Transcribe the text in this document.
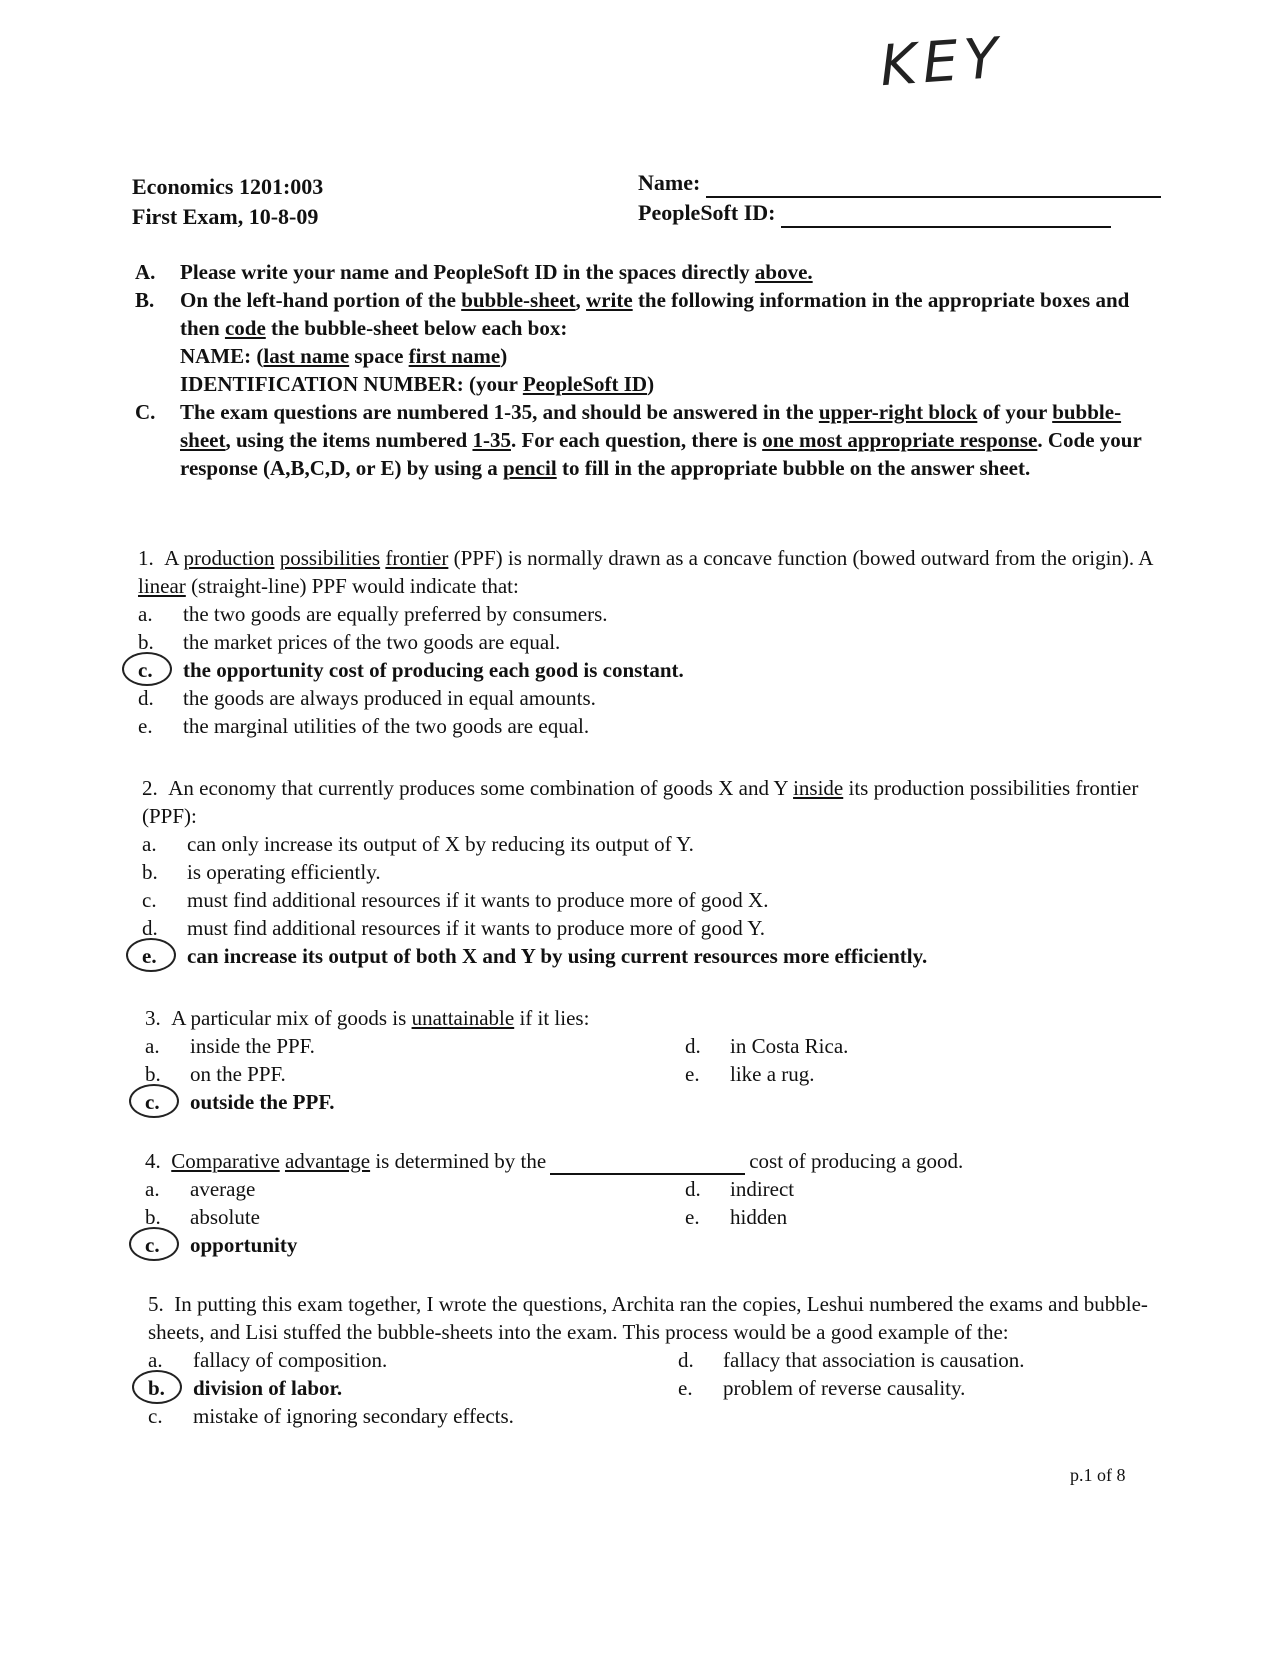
KEY
Economics 1201:003
First Exam, 10-8-09
Name:
PeopleSoft ID:
A.	Please write your name and PeopleSoft ID in the spaces directly above.
B.	On the left-hand portion of the bubble-sheet, write the following information in the appropriate boxes and then code the bubble-sheet below each box:
NAME: (last name space first name)
IDENTIFICATION NUMBER: (your PeopleSoft ID)
C.	The exam questions are numbered 1-35, and should be answered in the upper-right block of your bubble-sheet, using the items numbered 1-35. For each question, there is one most appropriate response. Code your response (A,B,C,D, or E) by using a pencil to fill in the appropriate bubble on the answer sheet.
1. A production possibilities frontier (PPF) is normally drawn as a concave function (bowed outward from the origin). A linear (straight-line) PPF would indicate that:
a.	the two goods are equally preferred by consumers.
b.	the market prices of the two goods are equal.
c.	the opportunity cost of producing each good is constant.
d.	the goods are always produced in equal amounts.
e.	the marginal utilities of the two goods are equal.
2. An economy that currently produces some combination of goods X and Y inside its production possibilities frontier (PPF):
a.	can only increase its output of X by reducing its output of Y.
b.	is operating efficiently.
c.	must find additional resources if it wants to produce more of good X.
d.	must find additional resources if it wants to produce more of good Y.
e.	can increase its output of both X and Y by using current resources more efficiently.
3. A particular mix of goods is unattainable if it lies:
a.	inside the PPF.
b.	on the PPF.
c.	outside the PPF.
d.	in Costa Rica.
e.	like a rug.
4. Comparative advantage is determined by the	cost of producing a good.
a.	average
b.	absolute
c.	opportunity
d.	indirect
e.	hidden
5. In putting this exam together, I wrote the questions, Archita ran the copies, Leshui numbered the exams and bubble-sheets, and Lisi stuffed the bubble-sheets into the exam. This process would be a good example of the:
a.	fallacy of composition.
b.	division of labor.
c.	mistake of ignoring secondary effects.
d.	fallacy that association is causation.
e.	problem of reverse causality.
p.1 of 8
